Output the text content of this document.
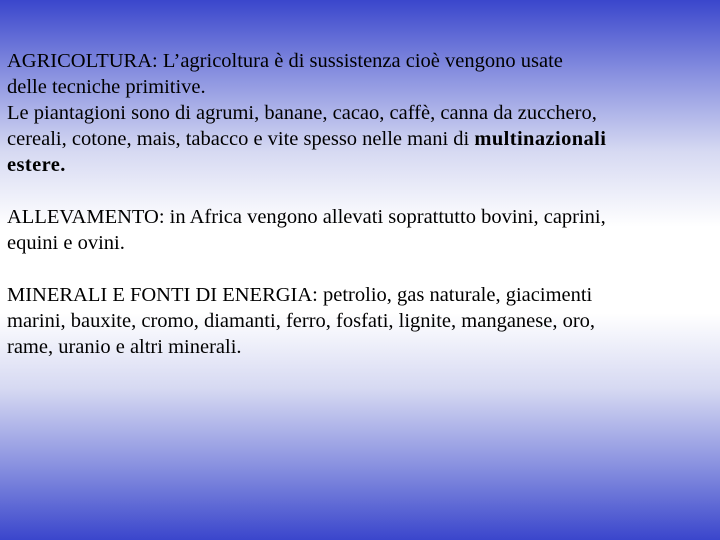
AGRICOLTURA: L’agricoltura è di sussistenza cioè vengono usate
delle tecniche primitive.
Le piantagioni sono di agrumi, banane, cacao, caffè, canna da zucchero,
cereali, cotone, mais, tabacco e vite spesso nelle mani di multinazionali
estere.

ALLEVAMENTO: in Africa vengono allevati soprattutto bovini, caprini,
equini e ovini.

MINERALI E FONTI DI ENERGIA: petrolio, gas naturale, giacimenti
marini, bauxite, cromo, diamanti, ferro, fosfati, lignite, manganese, oro,
rame, uranio e altri minerali.
